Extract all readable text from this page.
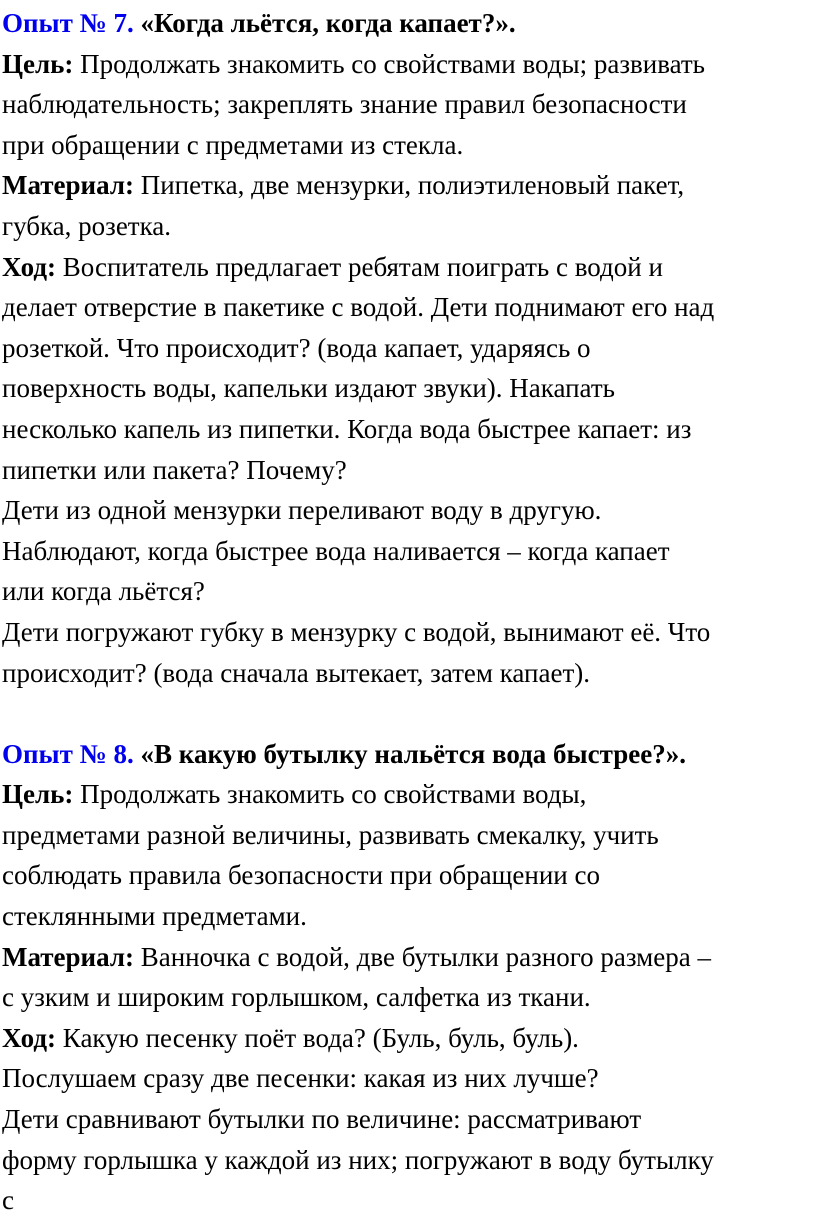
Опыт № 7. «Когда льётся, когда капает?».
Цель: Продолжать знакомить со свойствами воды; развивать
наблюдательность; закреплять знание правил безопасности
при обращении с предметами из стекла.
Материал: Пипетка, две мензурки, полиэтиленовый пакет,
губка, розетка.
Ход: Воспитатель предлагает ребятам поиграть с водой и
делает отверстие в пакетике с водой. Дети поднимают его над
розеткой. Что происходит? (вода капает, ударяясь о
поверхность воды, капельки издают звуки). Накапать
несколько капель из пипетки. Когда вода быстрее капает: из
пипетки или пакета? Почему?
Дети из одной мензурки переливают воду в другую.
Наблюдают, когда быстрее вода наливается – когда капает
или когда льётся?
Дети погружают губку в мензурку с водой, вынимают её. Что
происходит? (вода сначала вытекает, затем капает).
Опыт № 8. «В какую бутылку нальётся вода быстрее?».
Цель: Продолжать знакомить со свойствами воды,
предметами разной величины, развивать смекалку, учить
соблюдать правила безопасности при обращении со
стеклянными предметами.
Материал: Ванночка с водой, две бутылки разного размера –
с узким и широким горлышком, салфетка из ткани.
Ход: Какую песенку поёт вода? (Буль, буль, буль).
Послушаем сразу две песенки: какая из них лучше?
Дети сравнивают бутылки по величине: рассматривают
форму горлышка у каждой из них; погружают в воду бутылку
с
